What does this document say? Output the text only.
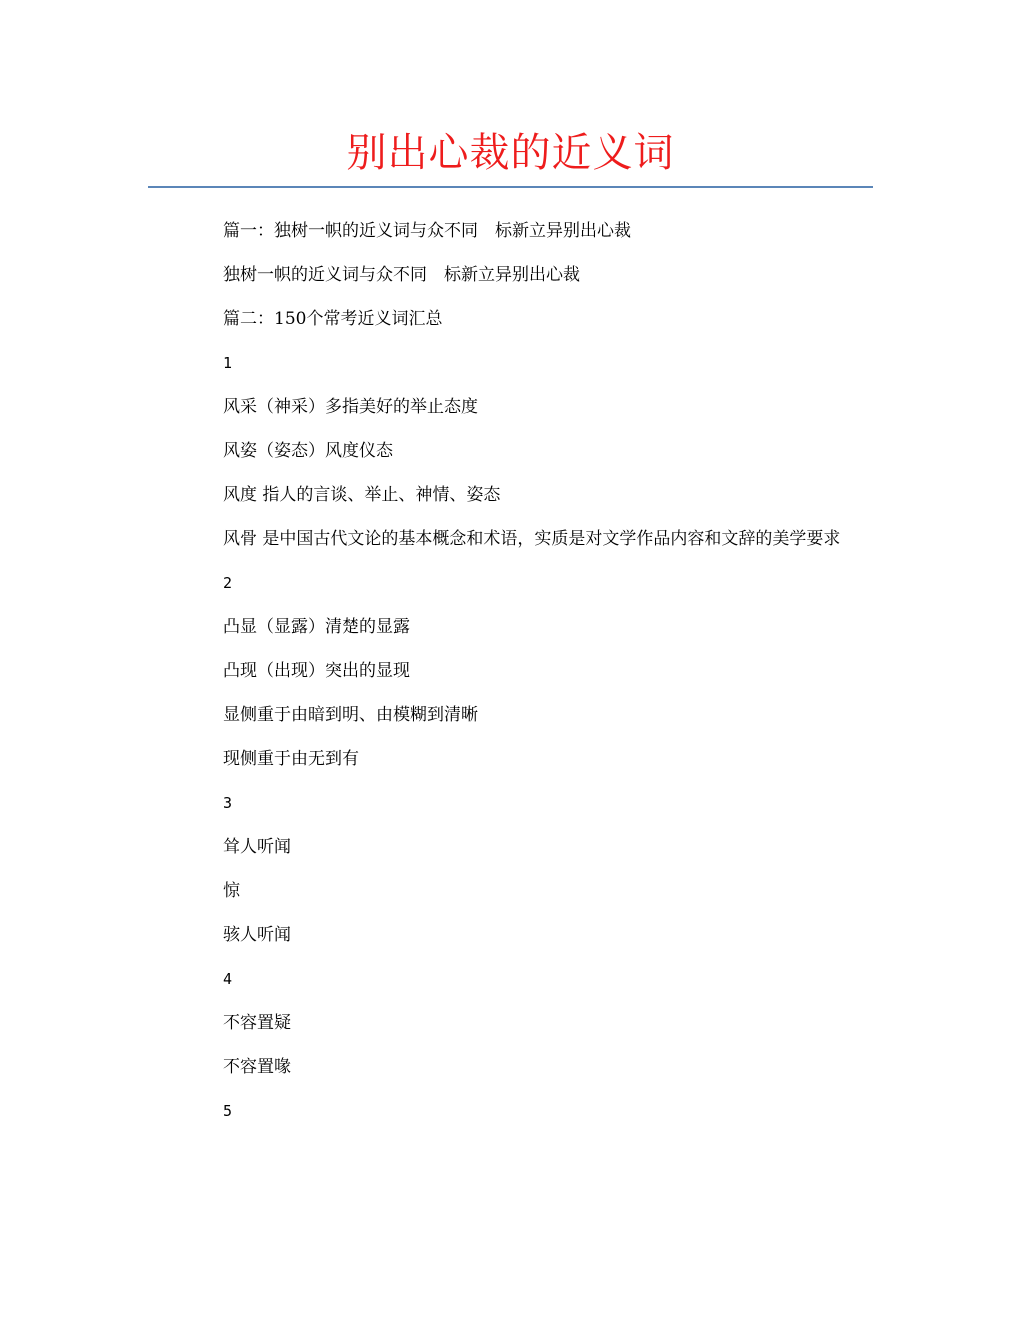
别出心裁的近义词

篇一：独树一帜的近义词与众不同　标新立异别出心裁

独树一帜的近义词与众不同　标新立异别出心裁

篇二：150个常考近义词汇总

1

风采（神采）多指美好的举止态度

风姿（姿态）风度仪态

风度 指人的言谈、举止、神情、姿态

风骨 是中国古代文论的基本概念和术语，实质是对文学作品内容和文辞的美学要求

2

凸显（显露）清楚的显露

凸现（出现）突出的显现

显侧重于由暗到明、由模糊到清晰

现侧重于由无到有

3

耸人听闻

惊

骇人听闻

4

不容置疑

不容置喙

5
